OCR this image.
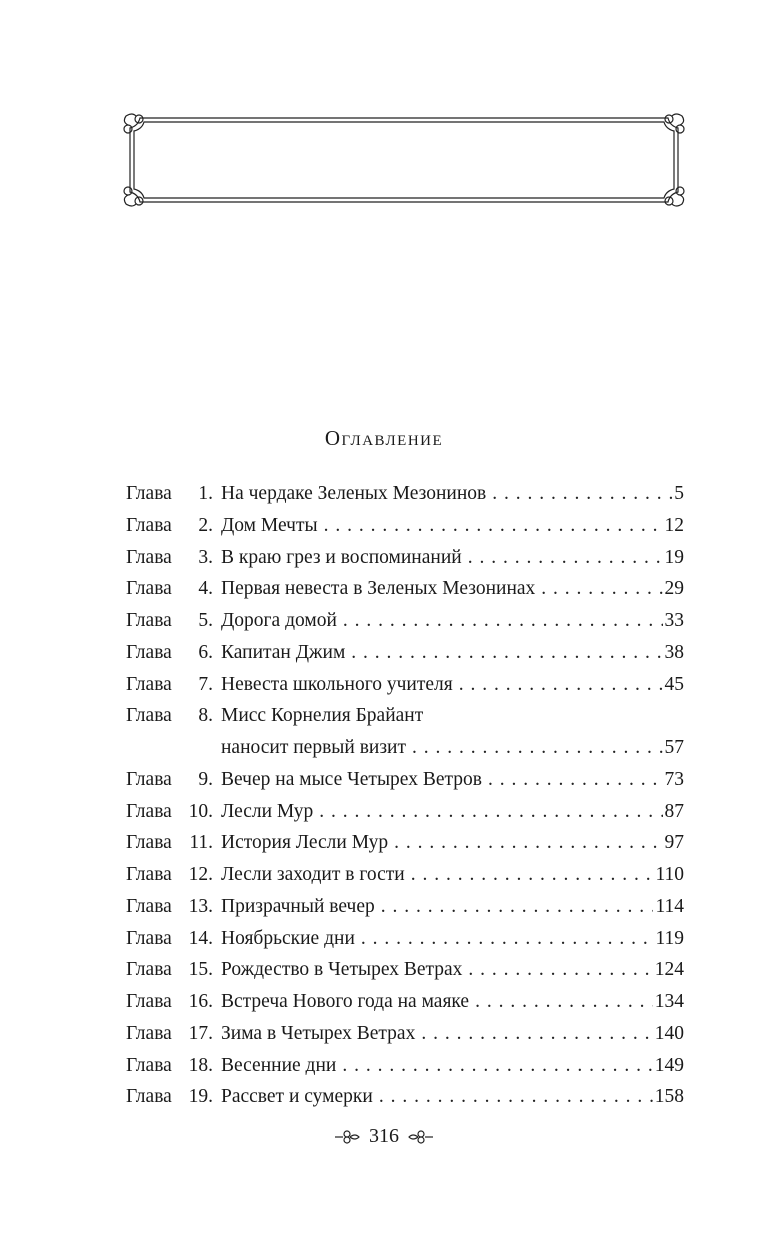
Оглавление
Глава	1. На чердаке Зеленых Мезонинов . . .	5
Глава	2. Дом Мечты . . .	12
Глава	3. В краю грез и воспоминаний . . .	19
Глава	4. Первая невеста в Зеленых Мезонинах . . .	29
Глава	5. Дорога домой . . .	33
Глава	6. Капитан Джим . . .	38
Глава	7. Невеста школьного учителя . . .	45
Глава	8. Мисс Корнелия Брайант
наносит первый визит . . .	57
Глава	9. Вечер на мысе Четырех Ветров . . .	73
Глава 10. Лесли Мур . . .	87
Глава 11. История Лесли Мур . . .	97
Глава 12. Лесли заходит в гости . . .	110
Глава 13. Призрачный вечер . . .	114
Глава 14. Ноябрьские дни . . .	119
Глава 15. Рождество в Четырех Ветрах . . .	124
Глава 16. Встреча Нового года на маяке . . .	134
Глава 17. Зима в Четырех Ветрах . . .	140
Глава 18. Весенние дни . . .	149
Глава 19. Рассвет и сумерки . . .	158
316
